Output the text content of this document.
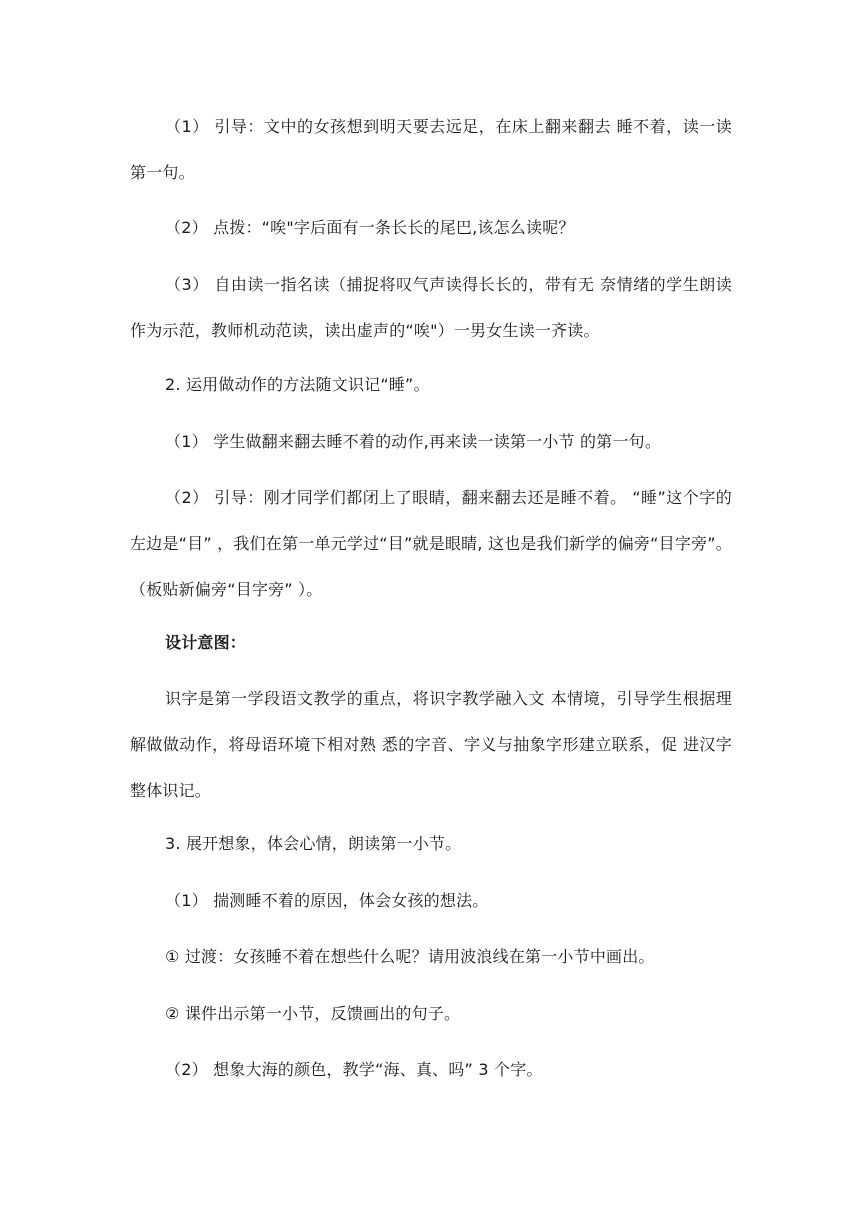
（1） 引导：文中的女孩想到明天要去远足，在床上翻来翻去 睡不着，读一读第一句。

（2） 点拨：“唉"字后面有一条长长的尾巴,该怎么读呢？

（3） 自由读一指名读（捕捉将叹气声读得长长的，带有无 奈情绪的学生朗读作为示范，教师机动范读，读出虚声的“唉"）一男女生读一齐读。

2. 运用做动作的方法随文识记“睡”。

（1） 学生做翻来翻去睡不着的动作,再来读一读第一小节 的第一句。

（2） 引导：刚才同学们都闭上了眼睛，翻来翻去还是睡不着。 “睡”这个字的左边是“目” ，我们在第一单元学过“目”就是眼睛, 这也是我们新学的偏旁“目字旁”。（板贴新偏旁“目字旁” ）。

设计意图：

识字是第一学段语文教学的重点，将识字教学融入文 本情境，引导学生根据理解做做动作，将母语环境下相对熟 悉的字音、字义与抽象字形建立联系，促 进汉字整体识记。

3. 展开想象，体会心情，朗读第一小节。

（1） 揣测睡不着的原因，体会女孩的想法。

① 过渡：女孩睡不着在想些什么呢？请用波浪线在第一小节中画出。

② 课件出示第一小节，反馈画出的句子。

（2） 想象大海的颜色，教学“海、真、吗” 3 个字。
